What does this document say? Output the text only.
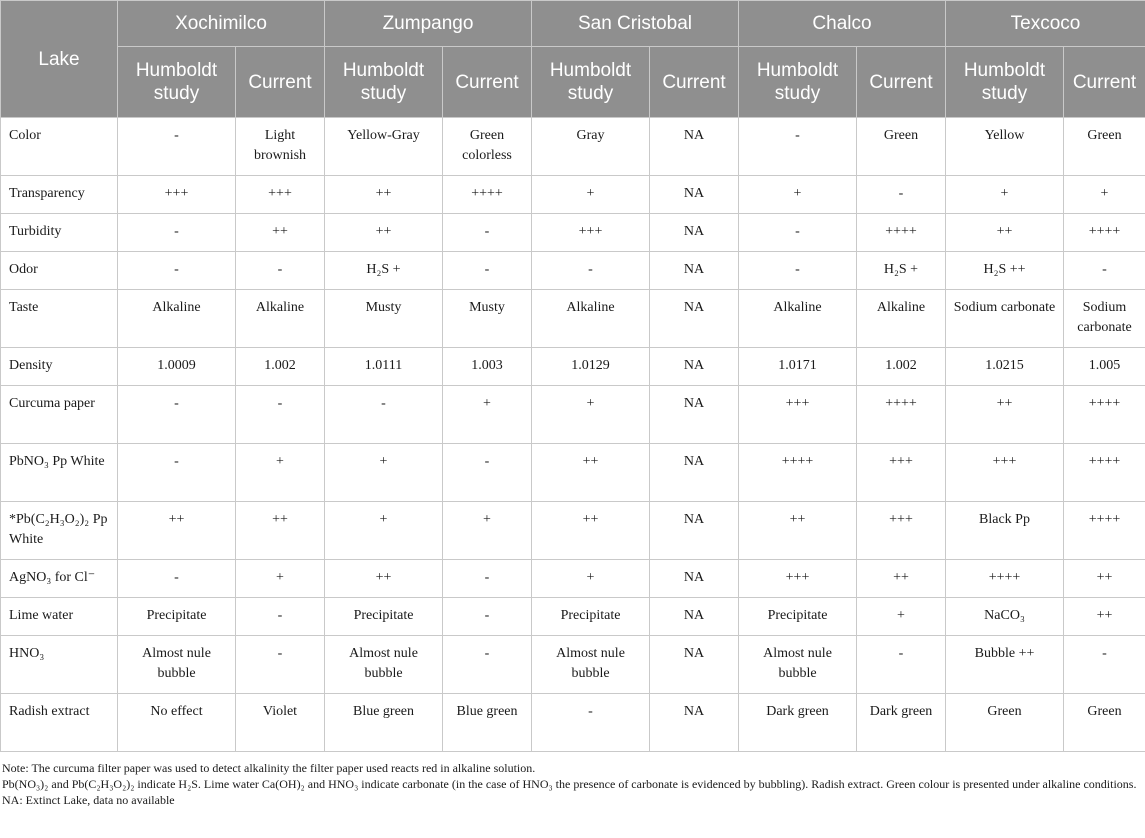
Lake	Xochimilco		Zumpango		San Cristobal		Chalco		Texcoco	
	Humboldt study	Current	Humboldt study	Current	Humboldt study	Current	Humboldt study	Current	Humboldt study	Current
Color	-	Light brownish	Yellow-Gray	Green colorless	Gray	NA	-	Green	Yellow	Green
Transparency	+++	+++	++	++++	+	NA	+	-	+	+
Turbidity	-	++	++	-	+++	NA	-	++++	++	++++
Odor	-	-	H₂S +	-	-	NA	-	H₂S +	H₂S ++	-
Taste	Alkaline	Alkaline	Musty	Musty	Alkaline	NA	Alkaline	Alkaline	Sodium carbonate	Sodium carbonate
Density	1.0009	1.002	1.0111	1.003	1.0129	NA	1.0171	1.002	1.0215	1.005
Curcuma paper	-	-	-	+	+	NA	+++	++++	++	++++
PbNO₃ Pp White	-	+	+	-	++	NA	++++	+++	+++	++++
*Pb(C₂H₃O₂)₂ Pp White	++	++	+	+	++	NA	++	+++	Black Pp	++++
AgNO₃ for Cl⁻	-	+	++	-	+	NA	+++	++	++++	++
Lime water	Precipitate	-	Precipitate	-	Precipitate	NA	Precipitate	+	NaCO₃	++
HNO₃	Almost nule bubble	-	Almost nule bubble	-	Almost nule bubble	NA	Almost nule bubble	-	Bubble ++	-
Radish extract	No effect	Violet	Blue green	Blue green	-	NA	Dark green	Dark green	Green	Green
Note: The curcuma filter paper was used to detect alkalinity the filter paper used reacts red in alkaline solution.
Pb(NO₃)₂ and Pb(C₂H₃O₂)₂ indicate H₂S. Lime water Ca(OH)₂ and HNO₃ indicate carbonate (in the case of HNO₃ the presence of carbonate is evidenced by bubbling). Radish extract. Green colour is presented under alkaline conditions.
NA: Extinct Lake, data no available
